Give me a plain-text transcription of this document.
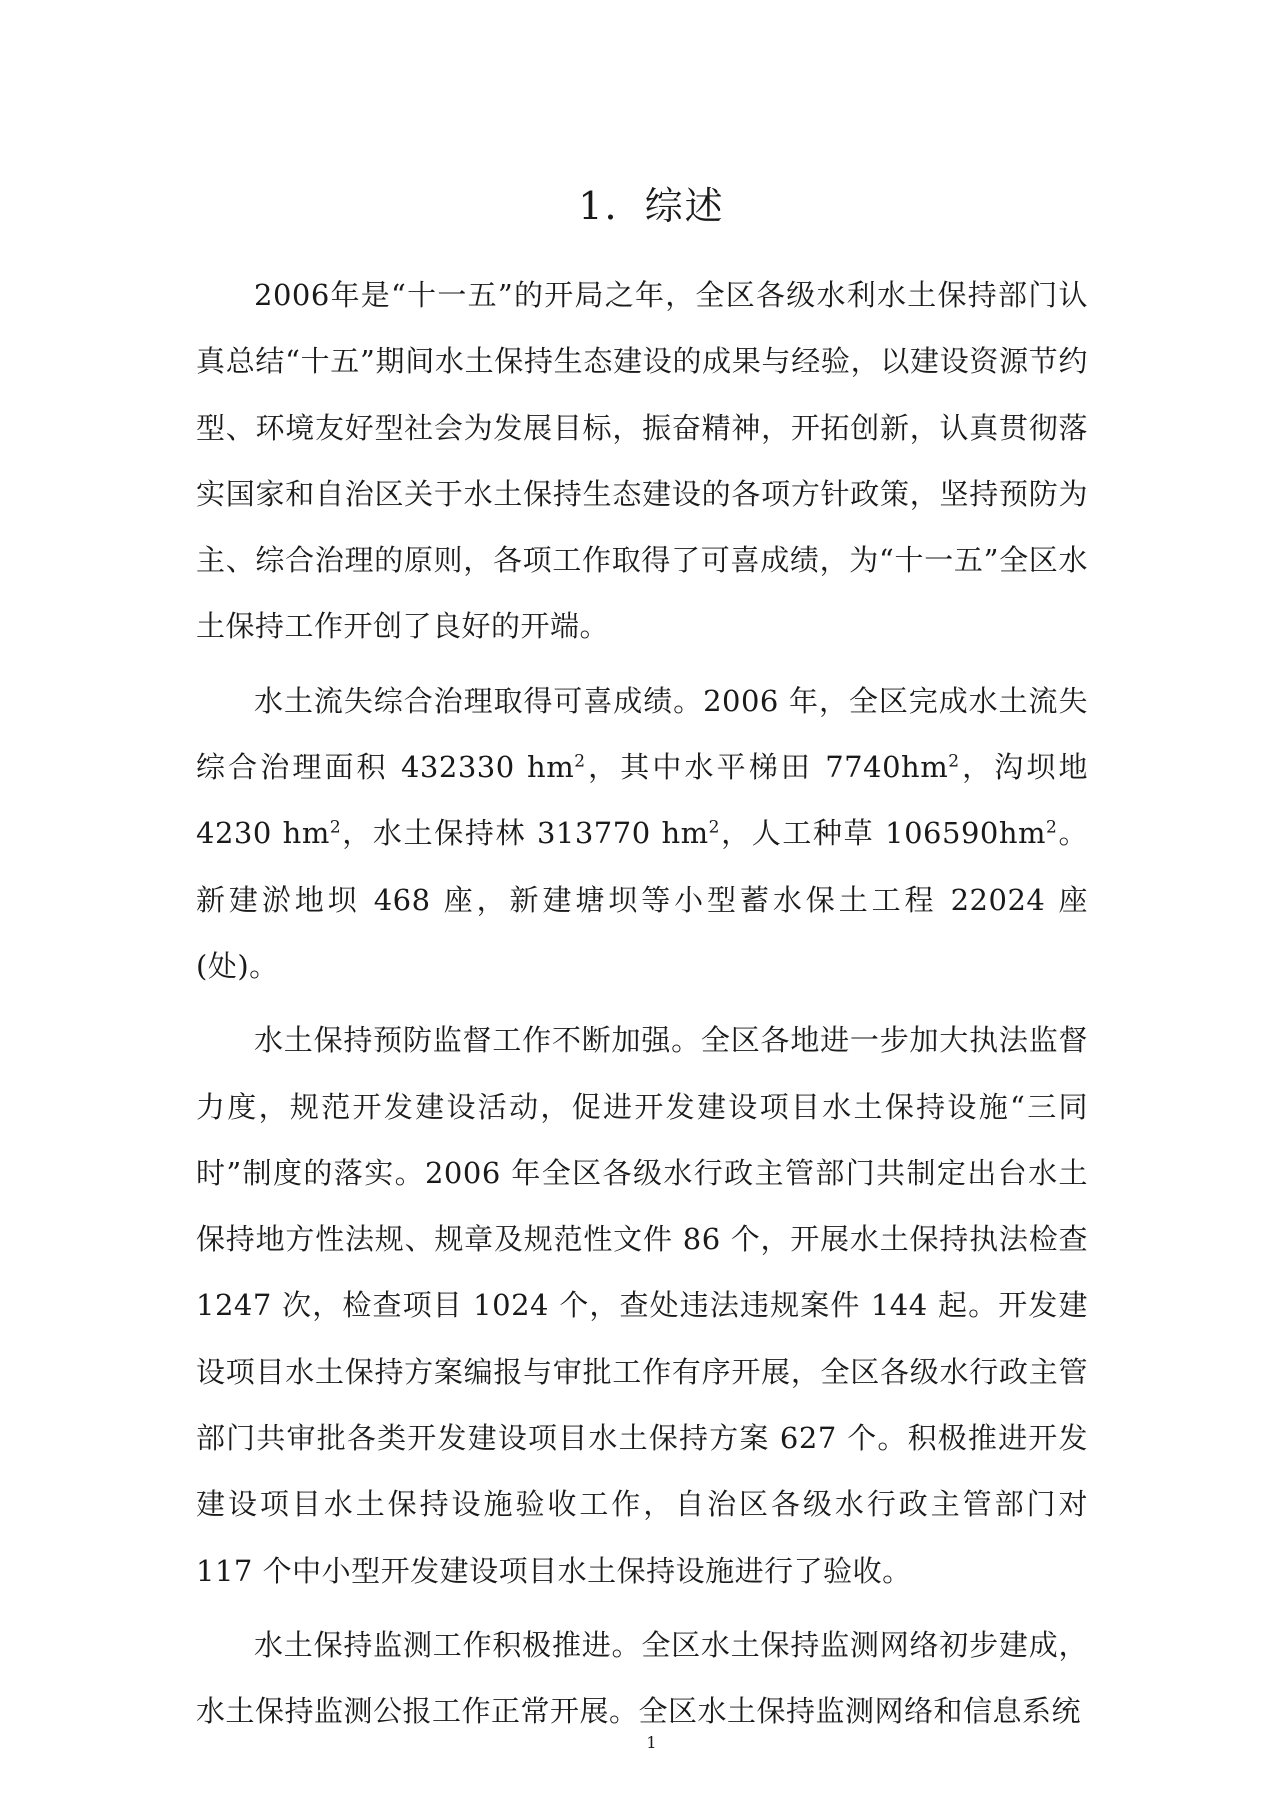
1．综述

2006年是“十一五”的开局之年，全区各级水利水土保持部门认真总结“十五”期间水土保持生态建设的成果与经验，以建设资源节约型、环境友好型社会为发展目标，振奋精神，开拓创新，认真贯彻落实国家和自治区关于水土保持生态建设的各项方针政策，坚持预防为主、综合治理的原则，各项工作取得了可喜成绩，为“十一五”全区水土保持工作开创了良好的开端。

水土流失综合治理取得可喜成绩。2006 年，全区完成水土流失综合治理面积 432330 $hm^2$，其中水平梯田 $7740hm^2$，沟坝地 4230 $hm^2$，水土保持林 313770 $hm^2$，人工种草 $106590hm^2$。新建淤地坝 468 座，新建塘坝等小型蓄水保土工程 22024 座(处)。

水土保持预防监督工作不断加强。全区各地进一步加大执法监督力度，规范开发建设活动，促进开发建设项目水土保持设施“三同时”制度的落实。2006 年全区各级水行政主管部门共制定出台水土保持地方性法规、规章及规范性文件 86 个，开展水土保持执法检查 1247 次，检查项目 1024 个，查处违法违规案件 144 起。开发建设项目水土保持方案编报与审批工作有序开展，全区各级水行政主管部门共审批各类开发建设项目水土保持方案 627 个。积极推进开发建设项目水土保持设施验收工作，自治区各级水行政主管部门对 117 个中小型开发建设项目水土保持设施进行了验收。

水土保持监测工作积极推进。全区水土保持监测网络初步建成，水土保持监测公报工作正常开展。全区水土保持监测网络和信息系统

1
